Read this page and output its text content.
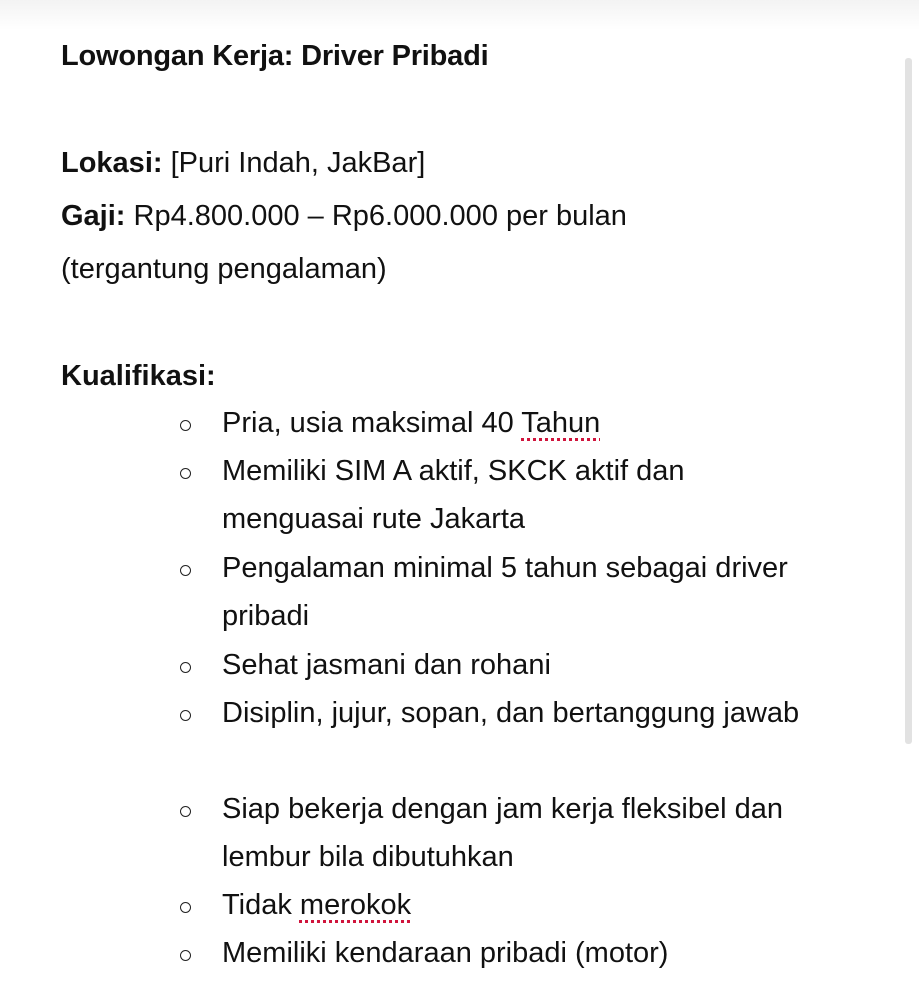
Lowongan Kerja: Driver Pribadi
Lokasi: [Puri Indah, JakBar]
Gaji: Rp4.800.000 – Rp6.000.000 per bulan
(tergantung pengalaman)
Kualifikasi:
Pria, usia maksimal 40 Tahun
Memiliki SIM A aktif, SKCK aktif dan menguasai rute Jakarta
Pengalaman minimal 5 tahun sebagai driver pribadi
Sehat jasmani dan rohani
Disiplin, jujur, sopan, dan bertanggung jawab
Siap bekerja dengan jam kerja fleksibel dan lembur bila dibutuhkan
Tidak merokok
Memiliki kendaraan pribadi (motor)
